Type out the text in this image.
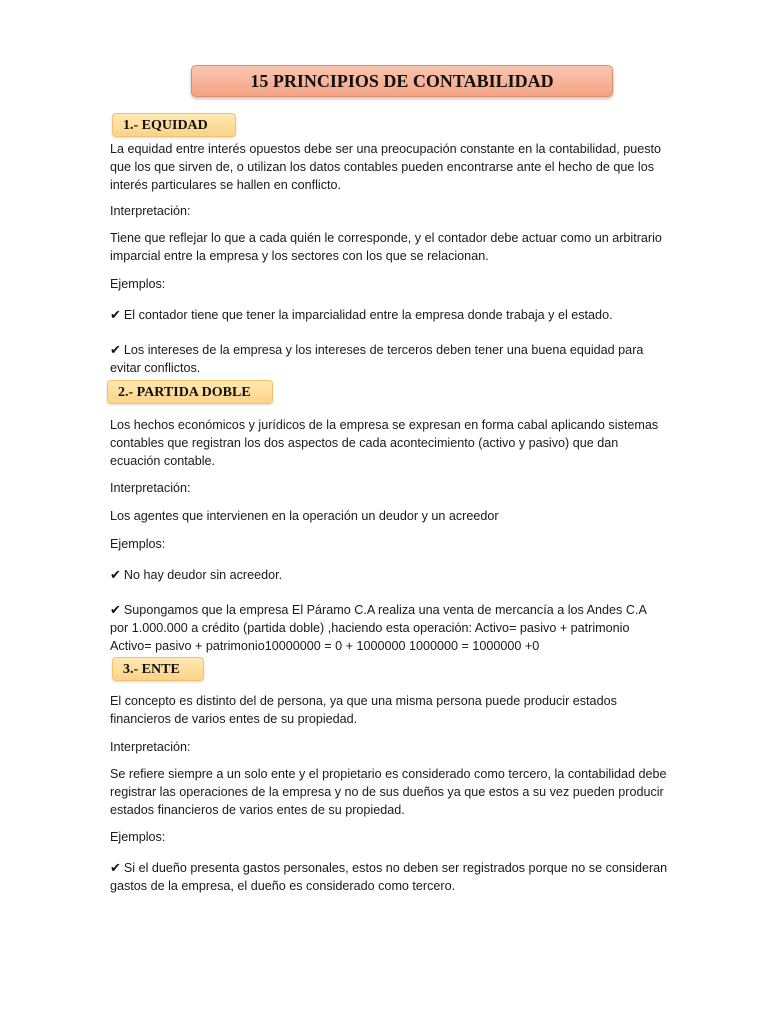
15 PRINCIPIOS DE CONTABILIDAD
1.- EQUIDAD

La equidad entre interés opuestos debe ser una preocupación constante en la contabilidad, puesto que los que sirven de, o utilizan los datos contables pueden encontrarse ante el hecho de que los interés particulares se hallen en conflicto.

Interpretación:

Tiene que reflejar lo que a cada quién le corresponde, y el contador debe actuar como un arbitrario imparcial entre la empresa y los sectores con los que se relacionan.

Ejemplos:

✔ El contador tiene que tener la imparcialidad entre la empresa donde trabaja y el estado.

✔ Los intereses de la empresa y los intereses de terceros deben tener una buena equidad para evitar conflictos.

2.- PARTIDA DOBLE

Los hechos económicos y jurídicos de la empresa se expresan en forma cabal aplicando sistemas contables que registran los dos aspectos de cada acontecimiento (activo y pasivo) que dan ecuación contable.

Interpretación:

Los agentes que intervienen en la operación un deudor y un acreedor

Ejemplos:

✔ No hay deudor sin acreedor.

✔ Supongamos que la empresa El Páramo C.A realiza una venta de mercancía a los Andes C.A por 1.000.000 a crédito (partida doble) ,haciendo esta operación: Activo= pasivo + patrimonio Activo= pasivo + patrimonio10000000 = 0 + 1000000 1000000 = 1000000 +0

3.- ENTE

El concepto es distinto del de persona, ya que una misma persona puede producir estados financieros de varios entes de su propiedad.

Interpretación:

Se refiere siempre a un solo ente y el propietario es considerado como tercero, la contabilidad debe registrar las operaciones de la empresa y no de sus dueños ya que estos a su vez pueden producir estados financieros de varios entes de su propiedad.

Ejemplos:

✔ Si el dueño presenta gastos personales, estos no deben ser registrados porque no se consideran gastos de la empresa, el dueño es considerado como tercero.
